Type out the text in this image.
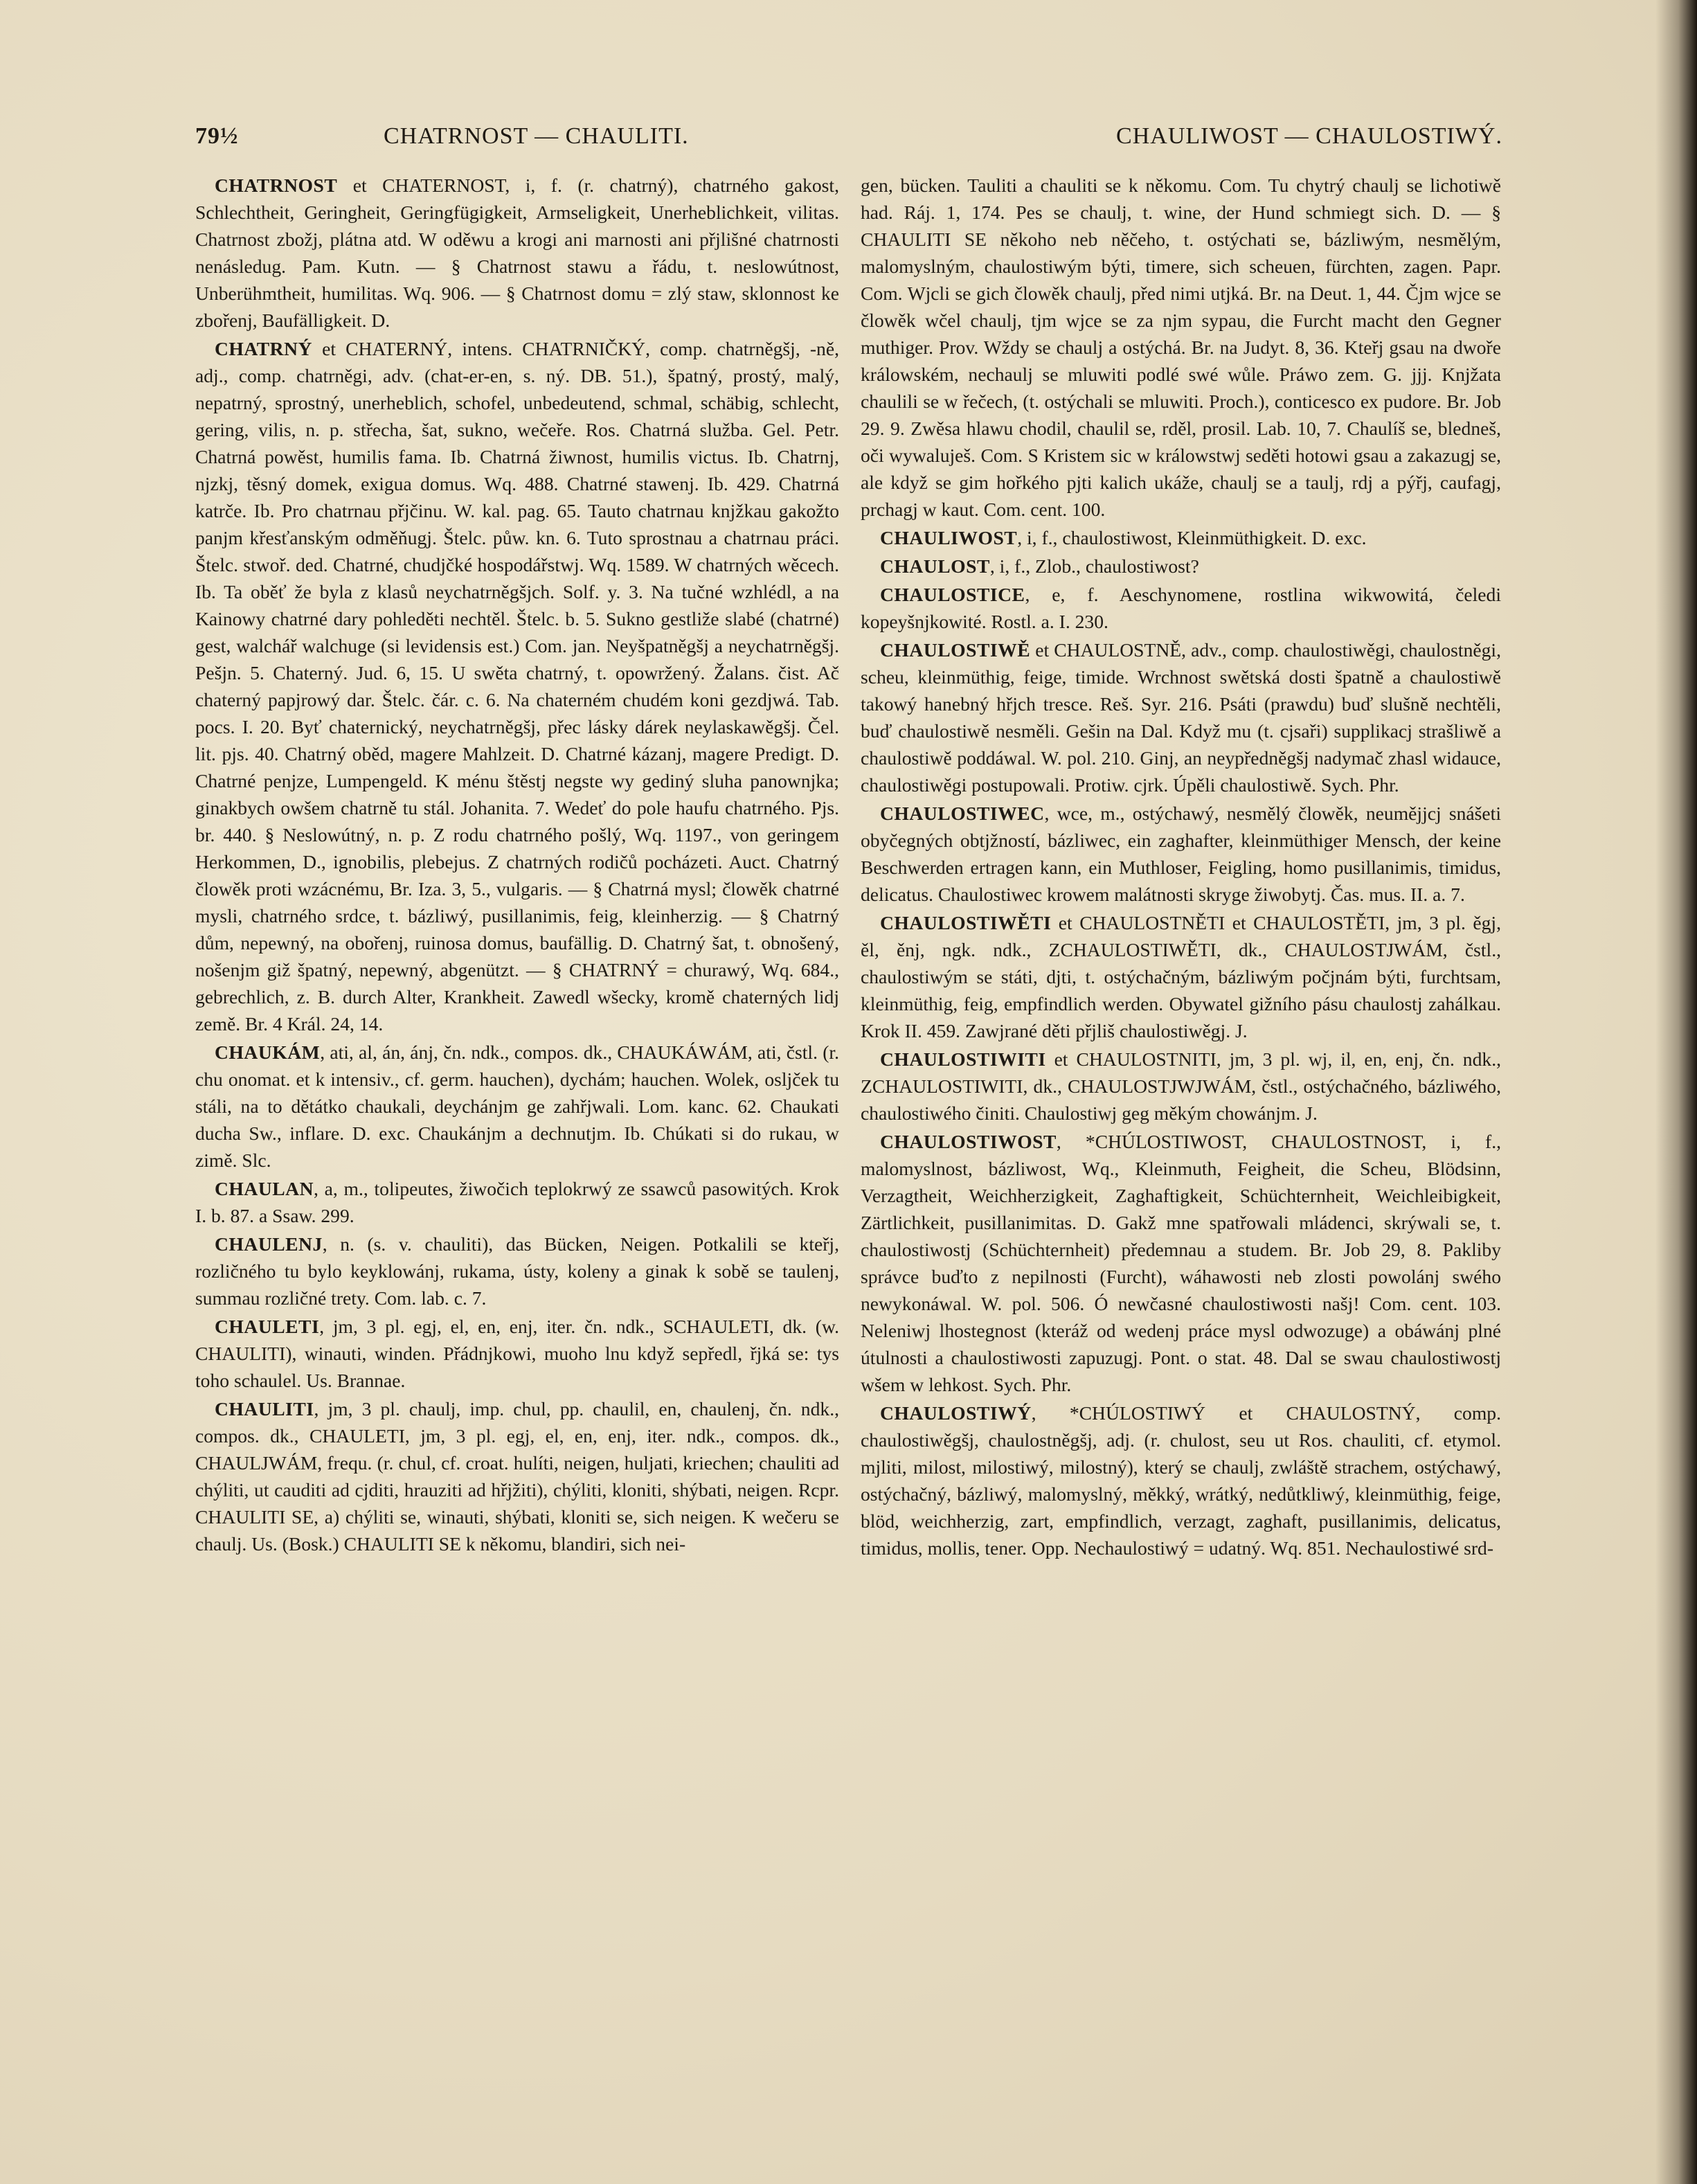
79½	CHATRNOST — CHAULITI.	CHAULIWOST — CHAULOSTIWÝ.

CHATRNOST et CHATERNOST, i, f. (r. chatrný), chatrného gakost, Schlechtheit, Geringheit, Geringfügigkeit, Armseligkeit, Unerheblichkeit, vilitas. Chatrnost zbožj, plátna atd. W oděwu a krogi ani marnosti ani přjlišné chatrnosti nenásledug. Pam. Kutn. — § Chatrnost stawu a řádu, t. neslowútnost, Unberühmtheit, humilitas. Wq. 906. — § Chatrnost domu = zlý staw, sklonnost ke zbořenj, Baufälligkeit. D.

CHATRNÝ et CHATERNÝ, intens. CHATRNIČKÝ, comp. chatrněgšj, -ně, adj., comp. chatrněgi, adv. (chat-er-en, s. ný. DB. 51.), špatný, prostý, malý, nepatrný, sprostný, unerheblich, schofel, unbedeutend, schmal, schäbig, schlecht, gering, vilis, n. p. střecha, šat, sukno, wečeře. Ros. Chatrná služba. Gel. Petr. Chatrná powěst, humilis fama. Ib. Chatrná žiwnost, humilis victus. Ib. Chatrnj, njzkj, těsný domek, exigua domus. Wq. 488. Chatrné stawenj. Ib. 429. Chatrná katrče. Ib. Pro chatrnau přjčinu. W. kal. pag. 65. Tauto chatrnau knjžkau gakožto panjm křesťanským odměňugj. Štelc. půw. kn. 6. Tuto sprostnau a chatrnau práci. Štelc. stwoř. ded. Chatrné, chudjčké hospodářstwj. Wq. 1589. W chatrných wěcech. Ib. Ta oběť že byla z klasů neychatrněgšjch. Solf. y. 3. Na tučné wzhlédl, a na Kainowy chatrné dary pohleděti nechtěl. Štelc. b. 5. Sukno gestliže slabé (chatrné) gest, walchář walchuge (si levidensis est.) Com. jan. Neyšpatněgšj a neychatrněgšj. Pešjn. 5. Chaterný. Jud. 6, 15. U swěta chatrný, t. opowržený. Žalans. čist. Ač chaterný papjrowý dar. Štelc. čár. c. 6. Na chaterném chudém koni gezdjwá. Tab. pocs. I. 20. Byť chaternický, neychatrněgšj, přec lásky dárek neylaskawěgšj. Čel. lit. pjs. 40. Chatrný oběd, magere Mahlzeit. D. Chatrné kázanj, magere Predigt. D. Chatrné penjze, Lumpengeld. K ménu štěstj negste wy gediný sluha panownjka; ginakbych owšem chatrně tu stál. Johanita. 7. Wedeť do pole haufu chatrného. Pjs. br. 440. § Neslowútný, n. p. Z rodu chatrného pošlý, Wq. 1197., von geringem Herkommen, D., ignobilis, plebejus. Z chatrných rodičů pocházeti. Auct. Chatrný člowěk proti wzácnému, Br. Iza. 3, 5., vulgaris. — § Chatrná mysl; člowěk chatrné mysli, chatrného srdce, t. bázliwý, pusillanimis, feig, kleinherzig. — § Chatrný dům, nepewný, na obořenj, ruinosa domus, baufällig. D. Chatrný šat, t. obnošený, nošenjm giž špatný, nepewný, abgenützt. — § CHATRNÝ = churawý, Wq. 684., gebrechlich, z. B. durch Alter, Krankheit. Zawedl wšecky, kromě chaterných lidj země. Br. 4 Král. 24, 14.

CHAUKÁM, ati, al, án, ánj, čn. ndk., compos. dk., CHAUKÁWÁM, ati, čstl. (r. chu onomat. et k intensiv., cf. germ. hauchen), dychám; hauchen. Wolek, osljček tu stáli, na to dětátko chaukali, deychánjm ge zahřjwali. Lom. kanc. 62. Chaukati ducha Sw., inflare. D. exc. Chaukánjm a dechnutjm. Ib. Chúkati si do rukau, w zimě. Slc.

CHAULAN, a, m., tolipeutes, žiwočich teplokrwý ze ssawců pasowitých. Krok I. b. 87. a Ssaw. 299.

CHAULENJ, n. (s. v. chauliti), das Bücken, Neigen. Potkalili se kteřj, rozličného tu bylo keyklowánj, rukama, ústy, koleny a ginak k sobě se taulenj, summau rozličné trety. Com. lab. c. 7.

CHAULETI, jm, 3 pl. egj, el, en, enj, iter. čn. ndk., SCHAULETI, dk. (w. CHAULITI), winauti, winden. Přádnjkowi, muoho lnu když sepředl, řjká se: tys toho schaulel. Us. Brannae.

CHAULITI, jm, 3 pl. chaulj, imp. chul, pp. chaulil, en, chaulenj, čn. ndk., compos. dk., CHAULETI, jm, 3 pl. egj, el, en, enj, iter. ndk., compos. dk., CHAULJWÁM, frequ. (r. chul, cf. croat. hulíti, neigen, huljati, kriechen; chauliti ad chýliti, ut cauditi ad cjditi, hrauziti ad hřjžiti), chýliti, kloniti, shýbati, neigen. Rcpr. CHAULITI SE, a) chýliti se, winauti, shýbati, kloniti se, sich neigen. K wečeru se chaulj. Us. (Bosk.) CHAULITI SE k někomu, blandiri, sich nei-

gen, bücken. Tauliti a chauliti se k někomu. Com. Tu chytrý chaulj se lichotiwě had. Ráj. 1, 174. Pes se chaulj, t. wine, der Hund schmiegt sich. D. — § CHAULITI SE někoho neb něčeho, t. ostýchati se, bázliwým, nesmělým, malomyslným, chaulostiwým býti, timere, sich scheuen, fürchten, zagen. Papr. Com. Wjcli se gich člowěk chaulj, před nimi utjká. Br. na Deut. 1, 44. Čjm wjce se člowěk wčel chaulj, tjm wjce se za njm sypau, die Furcht macht den Gegner muthiger. Prov. Wždy se chaulj a ostýchá. Br. na Judyt. 8, 36. Kteřj gsau na dwoře králowském, nechaulj se mluwiti podlé swé wůle. Práwo zem. G. jjj. Knjžata chaulili se w řečech, (t. ostýchali se mluwiti. Proch.), conticesco ex pudore. Br. Job 29. 9. Zwěsa hlawu chodil, chaulil se, rděl, prosil. Lab. 10, 7. Chaulíš se, bledneš, oči wywaluješ. Com. S Kristem sic w králowstwj seděti hotowi gsau a zakazugj se, ale když se gim hořkého pjti kalich ukáže, chaulj se a taulj, rdj a pýřj, caufagj, prchagj w kaut. Com. cent. 100.

CHAULIWOST, i, f., chaulostiwost, Kleinmüthigkeit. D. exc.

CHAULOST, i, f., Zlob., chaulostiwost?

CHAULOSTICE, e, f. Aeschynomene, rostlina wikwowitá, čeledi kopeyšnjkowité. Rostl. a. I. 230.

CHAULOSTIWĚ et CHAULOSTNĚ, adv., comp. chaulostiwěgi, chaulostněgi, scheu, kleinmüthig, feige, timide. Wrchnost swětská dosti špatně a chaulostiwě takowý hanebný hřjch tresce. Reš. Syr. 216. Psáti (prawdu) buď slušně nechtěli, buď chaulostiwě nesměli. Gešin na Dal. Když mu (t. cjsaři) supplikacj strašliwě a chaulostiwě poddáwal. W. pol. 210. Ginj, an neypředněgšj nadymač zhasl widauce, chaulostiwěgi postupowali. Protiw. cjrk. Úpěli chaulostiwě. Sych. Phr.

CHAULOSTIWEC, wce, m., ostýchawý, nesmělý člowěk, neumějjcj snášeti obyčegných obtjžností, bázliwec, ein zaghafter, kleinmüthiger Mensch, der keine Beschwerden ertragen kann, ein Muthloser, Feigling, homo pusillanimis, timidus, delicatus. Chaulostiwec krowem malátnosti skryge žiwobytj. Čas. mus. II. a. 7.

CHAULOSTIWĚTI et CHAULOSTNĚTI et CHAULOSTĚTI, jm, 3 pl. ěgj, ěl, ěnj, ngk. ndk., ZCHAULOSTIWĚTI, dk., CHAULOSTJWÁM, čstl., chaulostiwým se státi, djti, t. ostýchačným, bázliwým počjnám býti, furchtsam, kleinmüthig, feig, empfindlich werden. Obywatel gižního pásu chaulostj zahálkau. Krok II. 459. Zawjrané děti přjliš chaulostiwěgj. J.

CHAULOSTIWITI et CHAULOSTNITI, jm, 3 pl. wj, il, en, enj, čn. ndk., ZCHAULOSTIWITI, dk., CHAULOSTJWJWÁM, čstl., ostýchačného, bázliwého, chaulostiwého činiti. Chaulostiwj geg měkým chowánjm. J.

CHAULOSTIWOST, *CHÚLOSTIWOST, CHAULOSTNOST, i, f., malomyslnost, bázliwost, Wq., Kleinmuth, Feigheit, die Scheu, Blödsinn, Verzagtheit, Weichherzigkeit, Zaghaftigkeit, Schüchternheit, Weichleibigkeit, Zärtlichkeit, pusillanimitas. D. Gakž mne spatřowali mládenci, skrýwali se, t. chaulostiwostj (Schüchternheit) předemnau a studem. Br. Job 29, 8. Pakliby správce buďto z nepilnosti (Furcht), wáhawosti neb zlosti powolánj swého newykonáwal. W. pol. 506. Ó newčasné chaulostiwosti našj! Com. cent. 103. Neleniwj lhostegnost (kteráž od wedenj práce mysl odwozuge) a obáwánj plné útulnosti a chaulostiwosti zapuzugj. Pont. o stat. 48. Dal se swau chaulostiwostj wšem w lehkost. Sych. Phr.

CHAULOSTIWÝ, *CHÚLOSTIWÝ et CHAULOSTNÝ, comp. chaulostiwěgšj, chaulostněgšj, adj. (r. chulost, seu ut Ros. chauliti, cf. etymol. mjliti, milost, milostiwý, milostný), který se chaulj, zwláště strachem, ostýchawý, ostýchačný, bázliwý, malomyslný, měkký, wrátký, nedůtkliwý, kleinmüthig, feige, blöd, weichherzig, zart, empfindlich, verzagt, zaghaft, pusillanimis, delicatus, timidus, mollis, tener. Opp. Nechaulostiwý = udatný. Wq. 851. Nechaulostiwé srd-
